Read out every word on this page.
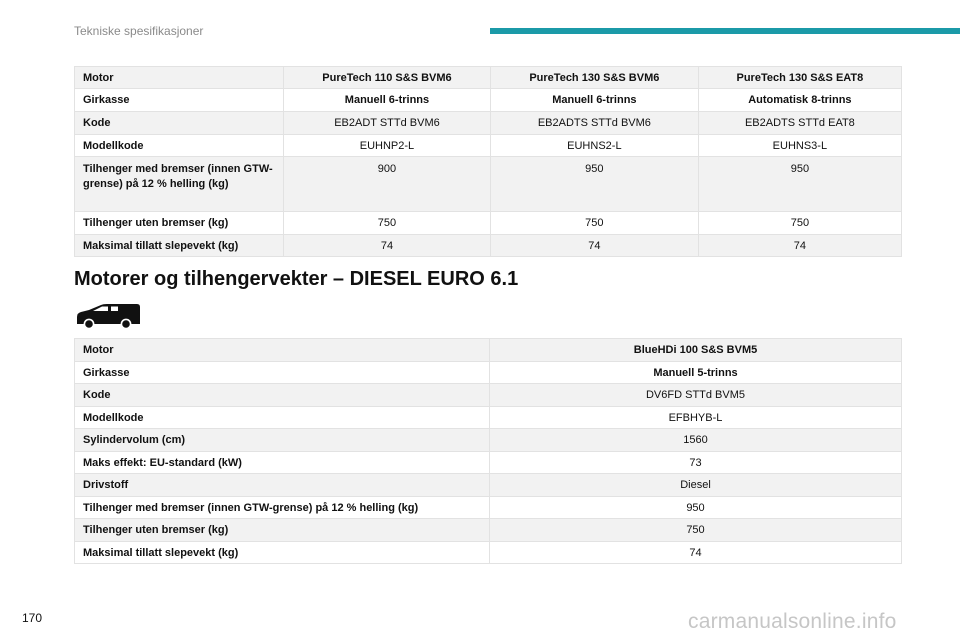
Tekniske spesifikasjoner
Motor	PureTech 110 S&S BVM6	PureTech 130 S&S BVM6	PureTech 130 S&S EAT8
Girkasse	Manuell 6-trinns	Manuell 6-trinns	Automatisk 8-trinns
Kode	EB2ADT STTd BVM6	EB2ADTS STTd BVM6	EB2ADTS STTd EAT8
Modellkode	EUHNP2-L	EUHNS2-L	EUHNS3-L
Tilhenger med bremser (innen GTW-grense) på 12 % helling (kg)	900	950	950
Tilhenger uten bremser (kg)	750	750	750
Maksimal tillatt slepevekt (kg)	74	74	74
Motorer og tilhengervekter – DIESEL EURO 6.1
Motor	BlueHDi 100 S&S BVM5
Girkasse	Manuell 5-trinns
Kode	DV6FD STTd BVM5
Modellkode	EFBHYB-L
Sylindervolum (cm)	1560
Maks effekt: EU-standard (kW)	73
Drivstoff	Diesel
Tilhenger med bremser (innen GTW-grense) på 12 % helling (kg)	950
Tilhenger uten bremser (kg)	750
Maksimal tillatt slepevekt (kg)	74
170	carmanualsonline.info
